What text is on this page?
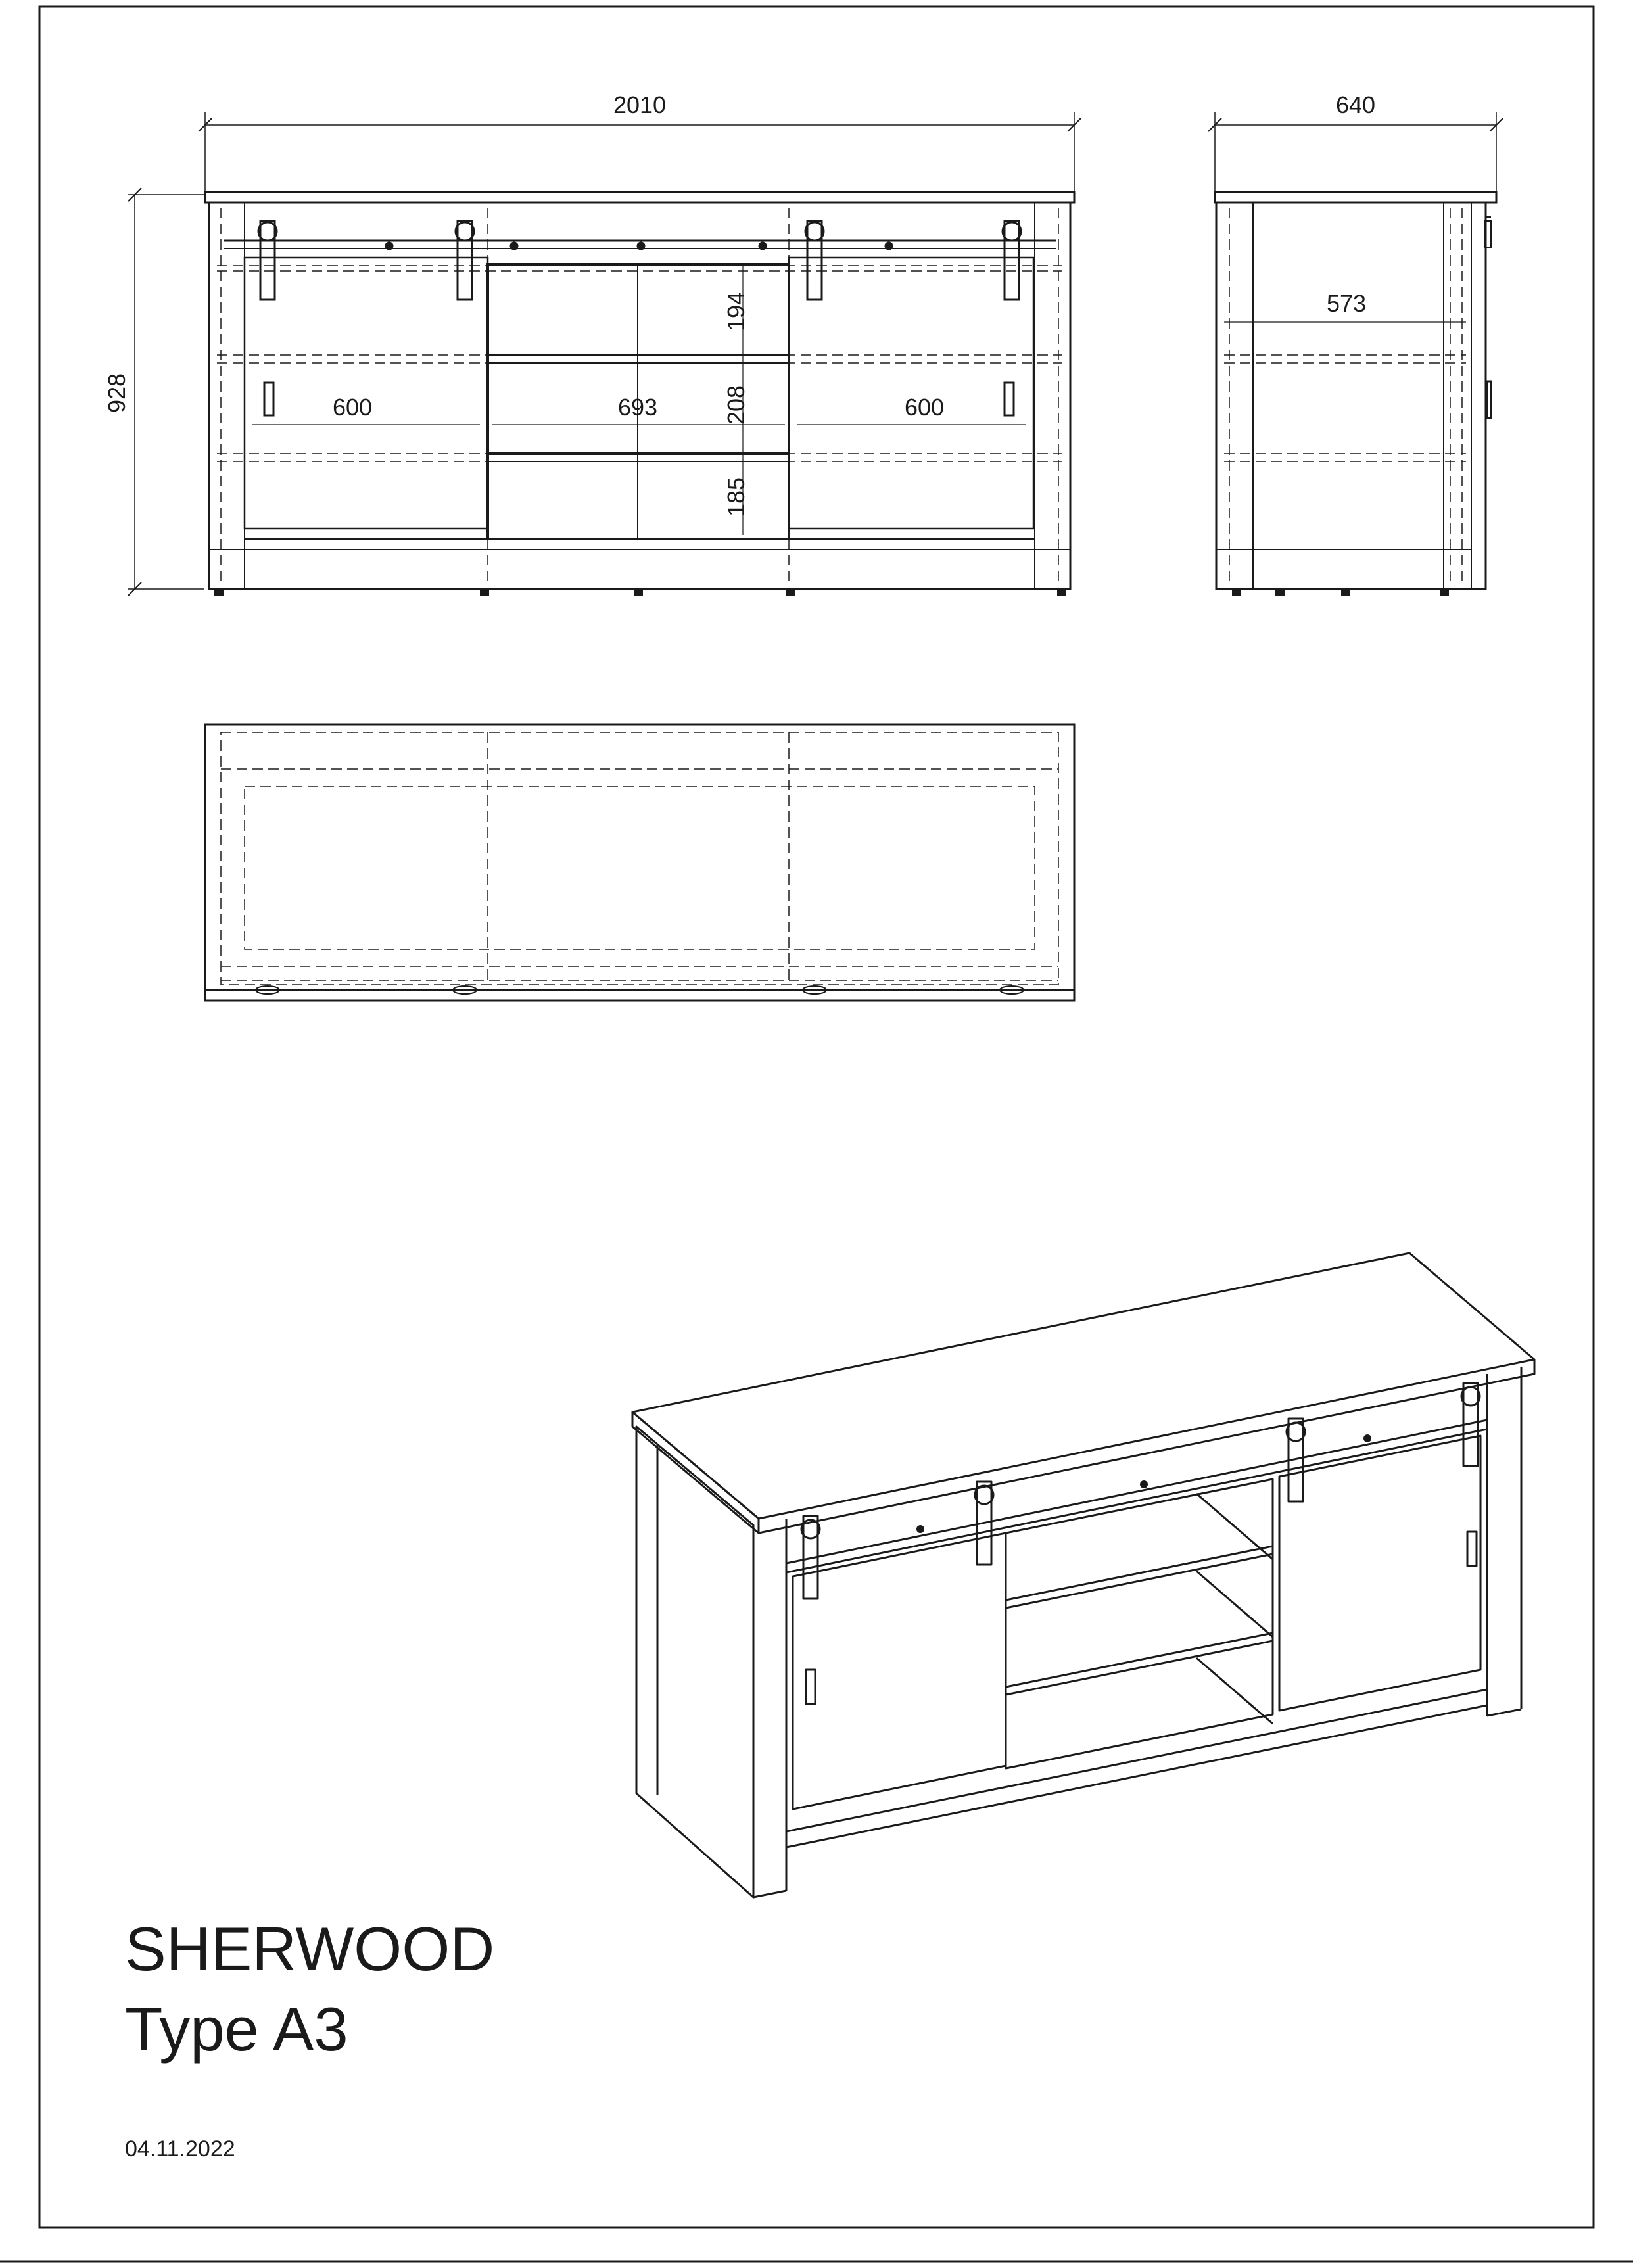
2010	640
928
573
600	693	600
194
208
185
SHERWOOD
Type A3
04.11.2022
